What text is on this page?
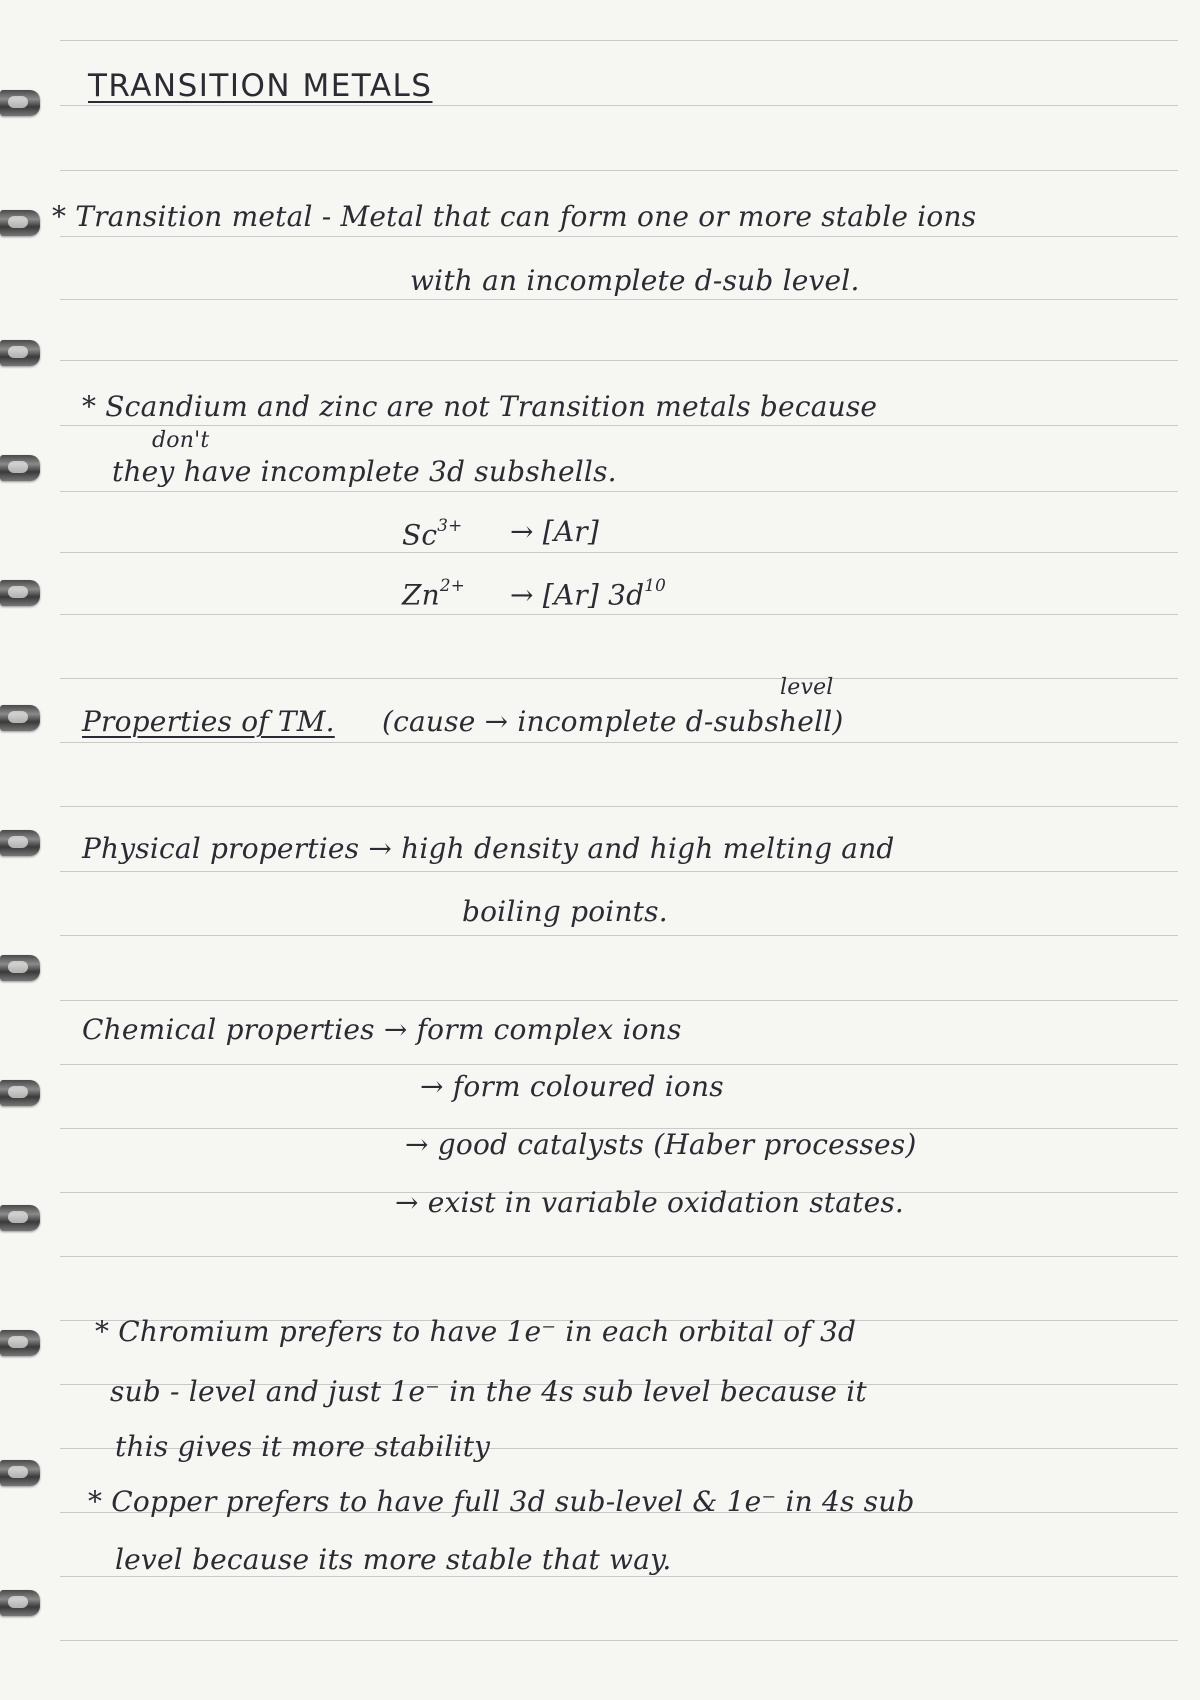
TRANSITION METALS
* Transition metal - Metal that can form one or more stable ions
with an incomplete d-sub level.
* Scandium and zinc are not Transition metals because
don't
they have incomplete 3d subshells.
$Sc^{3+} \to [Ar]$
$Zn^{2+} \to [Ar]$ $3d^{10}$
Properties of TM. (cause → incomplete d-subshell)
level
Physical properties → high density and high melting and
boiling points.
Chemical properties → form complex ions
→ form coloured ions
→ good catalysts (Haber processes)
→ exist in variable oxidation states.
* Chromium prefers to have 1e⁻ in each orbital of 3d
sub - level and just 1e⁻ in the 4s sub level because it
this gives it more stability
* Copper prefers to have full 3d sub-level & 1e⁻ in 4s sub
level because its more stable that way.
